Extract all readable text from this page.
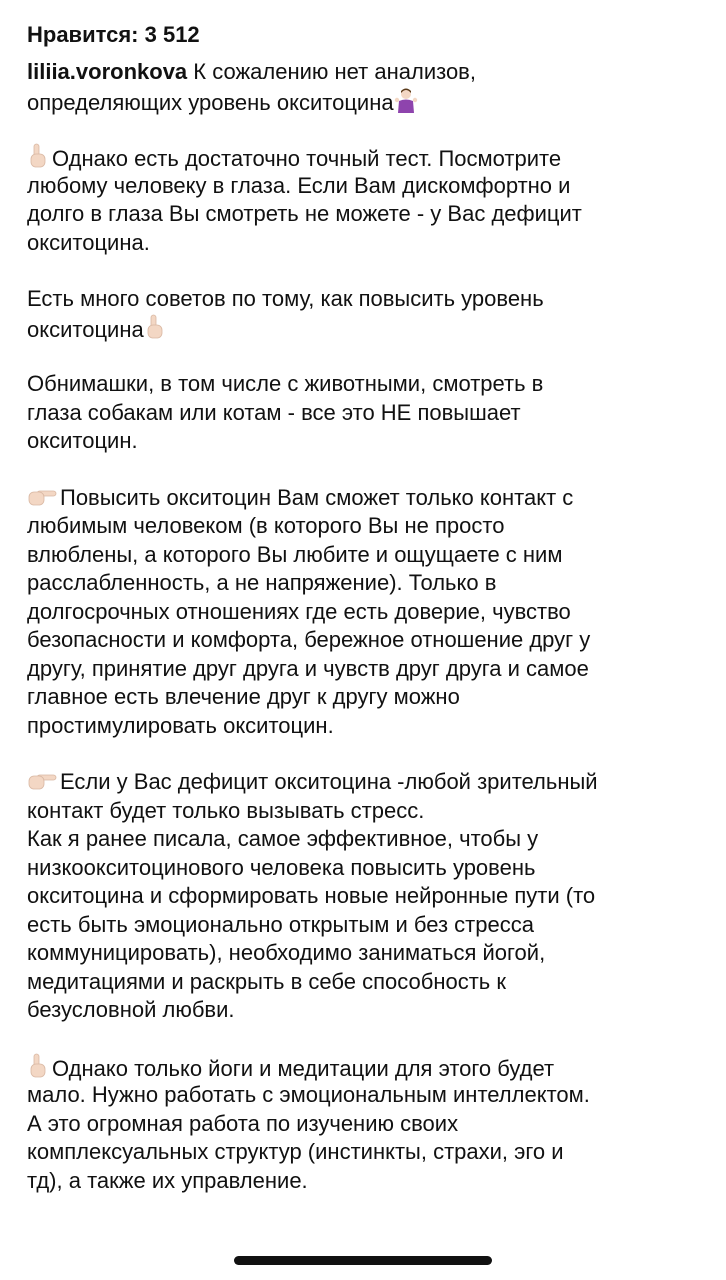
Нравится: 3 512
liliia.voronkova К сожалению нет анализов,
определяющих уровень окситоцина
Однако есть достаточно точный тест. Посмотрите
любому человеку в глаза. Если Вам дискомфортно и
долго в глаза Вы смотреть не можете - у Вас дефицит
окситоцина.
Есть много советов по тому, как повысить уровень
окситоцина
Обнимашки, в том числе с животными, смотреть в
глаза собакам или котам - все это НЕ повышает
окситоцин.
Повысить окситоцин Вам сможет только контакт с
любимым человеком (в которого Вы не просто
влюблены, а которого Вы любите и ощущаете с ним
расслабленность, а не напряжение). Только в
долгосрочных отношениях где есть доверие, чувство
безопасности и комфорта, бережное отношение друг у
другу, принятие друг друга и чувств друг друга и самое
главное есть влечение друг к другу можно
простимулировать окситоцин.
Если у Вас дефицит окситоцина -любой зрительный
контакт будет только вызывать стресс.
Как я ранее писала, самое эффективное, чтобы у
низкоокситоцинового человека повысить уровень
окситоцина и сформировать новые нейронные пути (то
есть быть эмоционально открытым и без стресса
коммуницировать), необходимо заниматься йогой,
медитациями и раскрыть в себе способность к
безусловной любви.
Однако только йоги и медитации для этого будет
мало. Нужно работать с эмоциональным интеллектом.
А это огромная работа по изучению своих
комплексуальных структур (инстинкты, страхи, эго и
тд), а также их управление.
